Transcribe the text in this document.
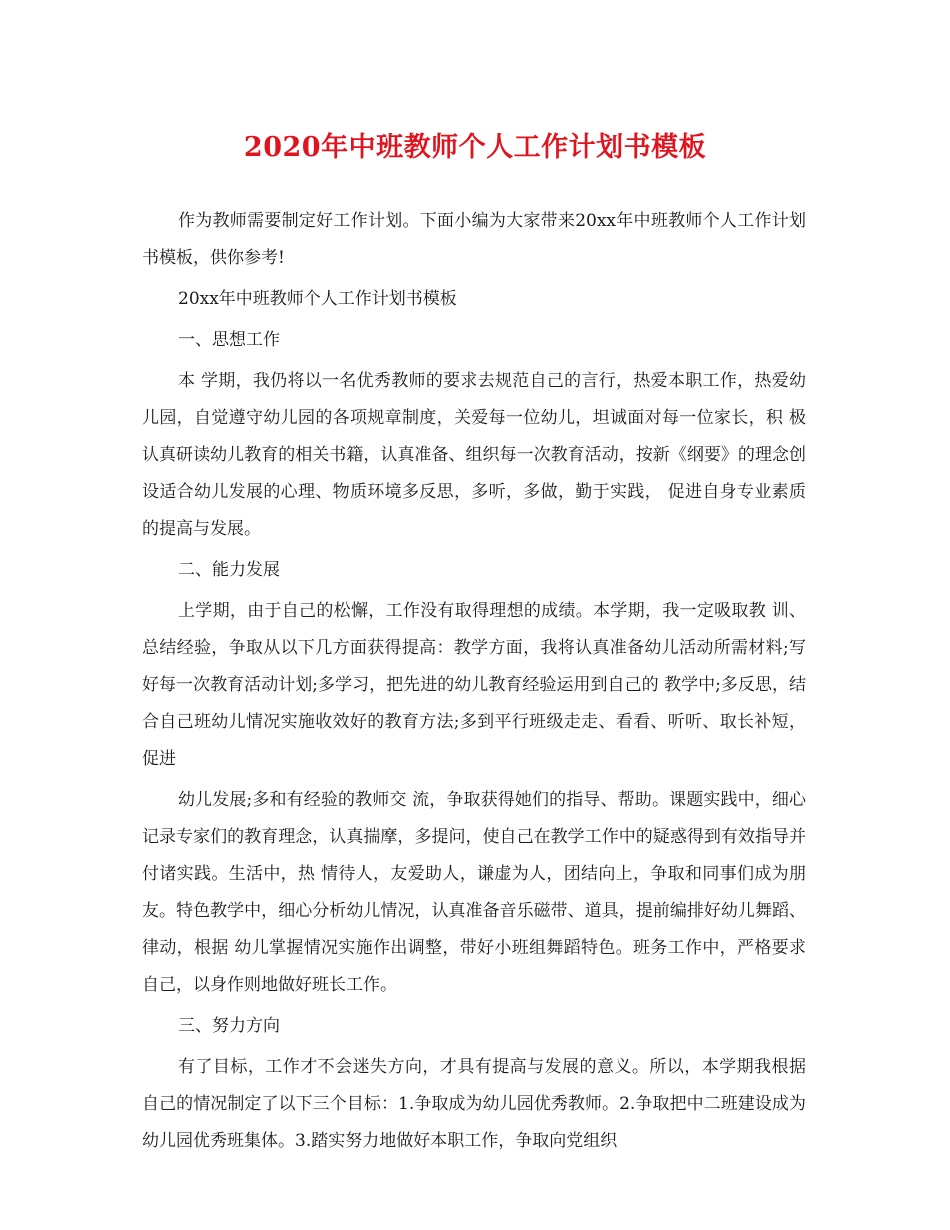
2020年中班教师个人工作计划书模板

作为教师需要制定好工作计划。下面小编为大家带来20xx年中班教师个人工作计划书模板，供你参考!

20xx年中班教师个人工作计划书模板

一、思想工作

本 学期，我仍将以一名优秀教师的要求去规范自己的言行，热爱本职工作，热爱幼儿园，自觉遵守幼儿园的各项规章制度，关爱每一位幼儿，坦诚面对每一位家长，积 极认真研读幼儿教育的相关书籍，认真准备、组织每一次教育活动，按新《纲要》的理念创设适合幼儿发展的心理、物质环境多反思，多听，多做，勤于实践， 促进自身专业素质的提高与发展。

二、能力发展

上学期，由于自己的松懈，工作没有取得理想的成绩。本学期，我一定吸取教 训、总结经验，争取从以下几方面获得提高：教学方面，我将认真准备幼儿活动所需材料;写好每一次教育活动计划;多学习，把先进的幼儿教育经验运用到自己的 教学中;多反思，结合自己班幼儿情况实施收效好的教育方法;多到平行班级走走、看看、听听、取长补短，促进

幼儿发展;多和有经验的教师交 流，争取获得她们的指导、帮助。课题实践中，细心记录专家们的教育理念，认真揣摩，多提问，使自己在教学工作中的疑惑得到有效指导并付诸实践。生活中，热 情待人，友爱助人，谦虚为人，团结向上，争取和同事们成为朋友。特色教学中，细心分析幼儿情况，认真准备音乐磁带、道具，提前编排好幼儿舞蹈、律动，根据 幼儿掌握情况实施作出调整，带好小班组舞蹈特色。班务工作中，严格要求自己，以身作则地做好班长工作。

三、努力方向

有了目标，工作才不会迷失方向，才具有提高与发展的意义。所以，本学期我根据自己的情况制定了以下三个目标：1.争取成为幼儿园优秀教师。2.争取把中二班建设成为幼儿园优秀班集体。3.踏实努力地做好本职工作，争取向党组织
